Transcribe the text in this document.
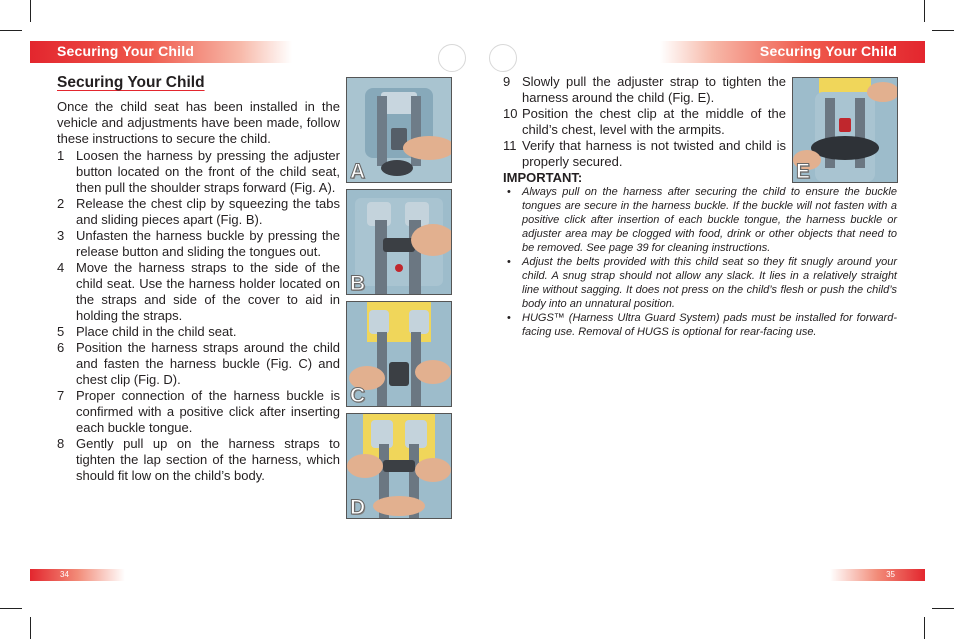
Securing Your Child	Securing Your Child
Securing Your Child

Once the child seat has been installed in the vehicle and adjustments have been made, follow these instructions to secure the child.

1 Loosen the harness by pressing the adjuster button located on the front of the child seat, then pull the shoulder straps forward (Fig. A).
2 Release the chest clip by squeezing the tabs and sliding pieces apart (Fig. B).
3 Unfasten the harness buckle by pressing the release button and sliding the tongues out.
4 Move the harness straps to the side of the child seat. Use the harness holder located on the straps and side of the cover to aid in holding the straps.
5 Place child in the child seat.
6 Position the harness straps around the child and fasten the harness buckle (Fig. C) and chest clip (Fig. D).
7 Proper connection of the harness buckle is confirmed with a positive click after inserting each buckle tongue.
8 Gently pull up on the harness straps to tighten the lap section of the harness, which should fit low on the child’s body.
A
B
C
D
9 Slowly pull the adjuster strap to tighten the harness around the child (Fig. E).
10 Position the chest clip at the middle of the child’s chest, level with the armpits.
11 Verify that harness is not twisted and child is properly secured.	E
IMPORTANT:
• Always pull on the harness after securing the child to ensure the buckle tongues are secure in the harness buckle. If the buckle will not fasten with a positive click after insertion of each buckle tongue, the harness buckle or adjuster area may be clogged with food, drink or other objects that need to be removed. See page 39 for cleaning instructions.
• Adjust the belts provided with this child seat so they fit snugly around your child. A snug strap should not allow any slack. It lies in a relatively straight line without sagging. It does not press on the child’s flesh or push the child’s body into an unnatural position.
• HUGS™ (Harness Ultra Guard System) pads must be installed for forward-facing use. Removal of HUGS is optional for rear-facing use.
34	35
